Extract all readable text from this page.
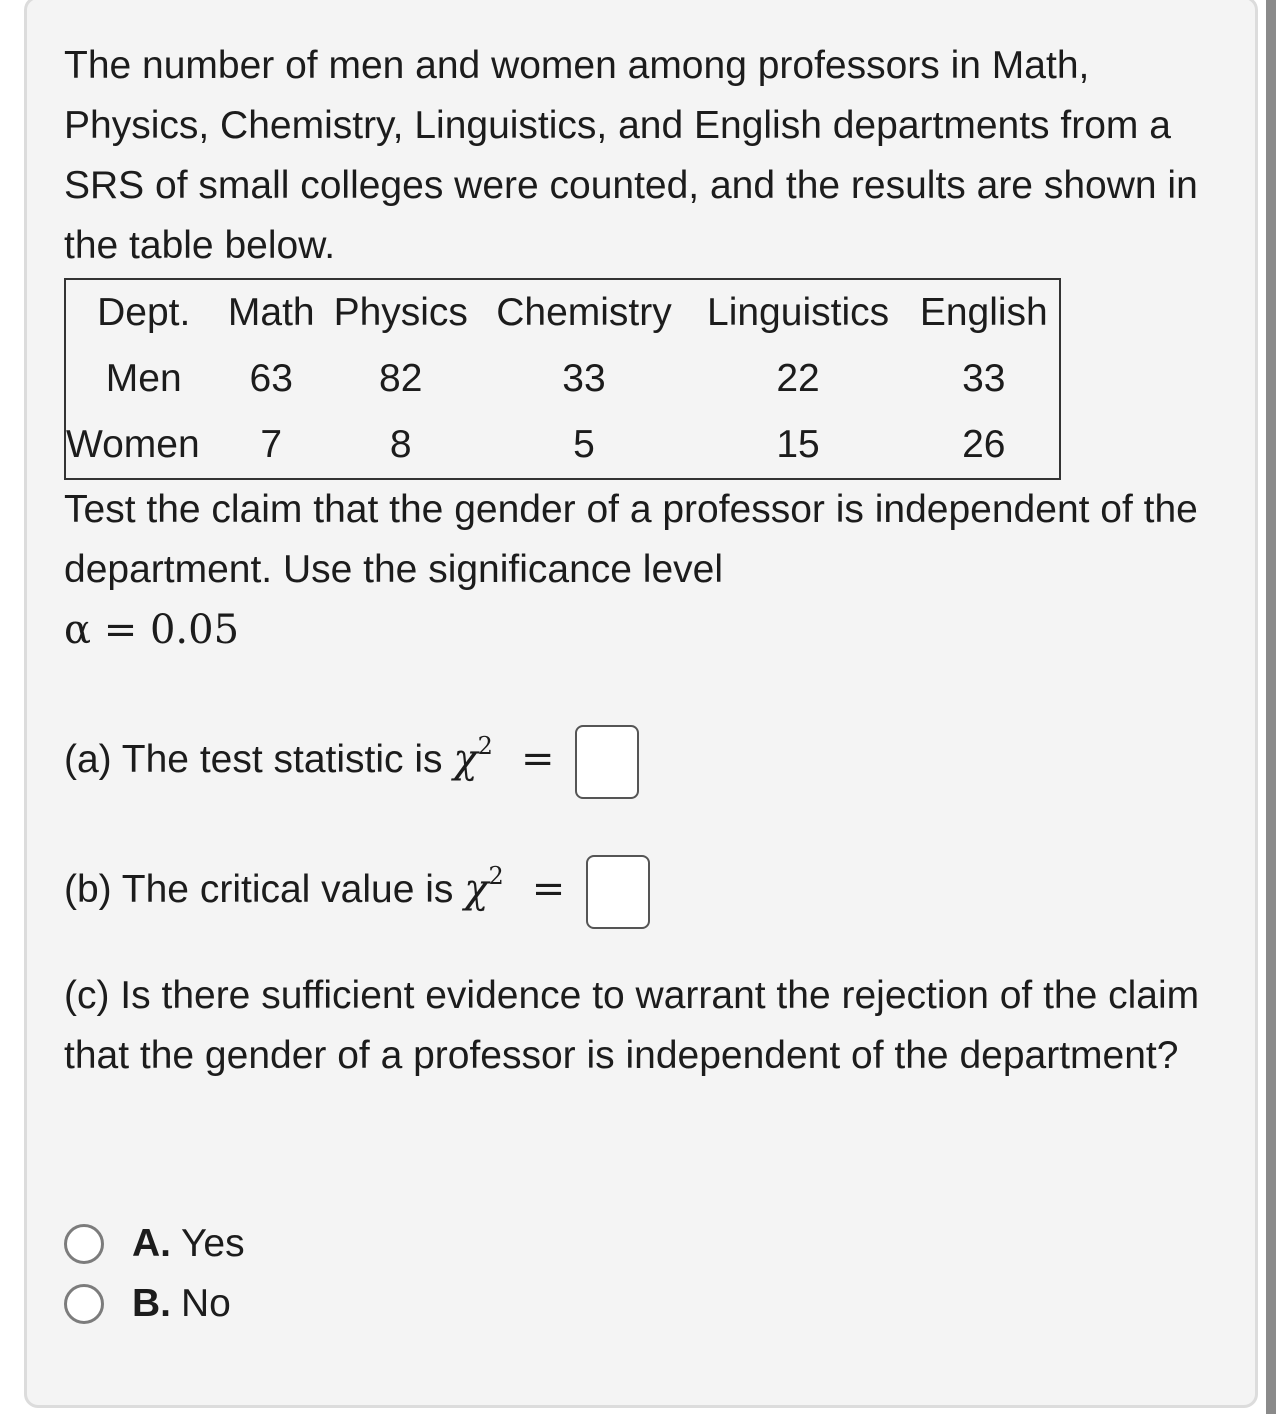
The number of men and women among professors in Math, Physics, Chemistry, Linguistics, and English departments from a SRS of small colleges were counted, and the results are shown in the table below.

Dept.	Math	Physics	Chemistry	Linguistics	English
Men	63	82	33	22	33
Women	7	8	5	15	26

Test the claim that the gender of a professor is independent of the department. Use the significance level
α = 0.05

(a) The test statistic is $\chi^2$ =

(b) The critical value is $\chi^2$ =

(c) Is there sufficient evidence to warrant the rejection of the claim that the gender of a professor is independent of the department?

A. Yes
B. No
